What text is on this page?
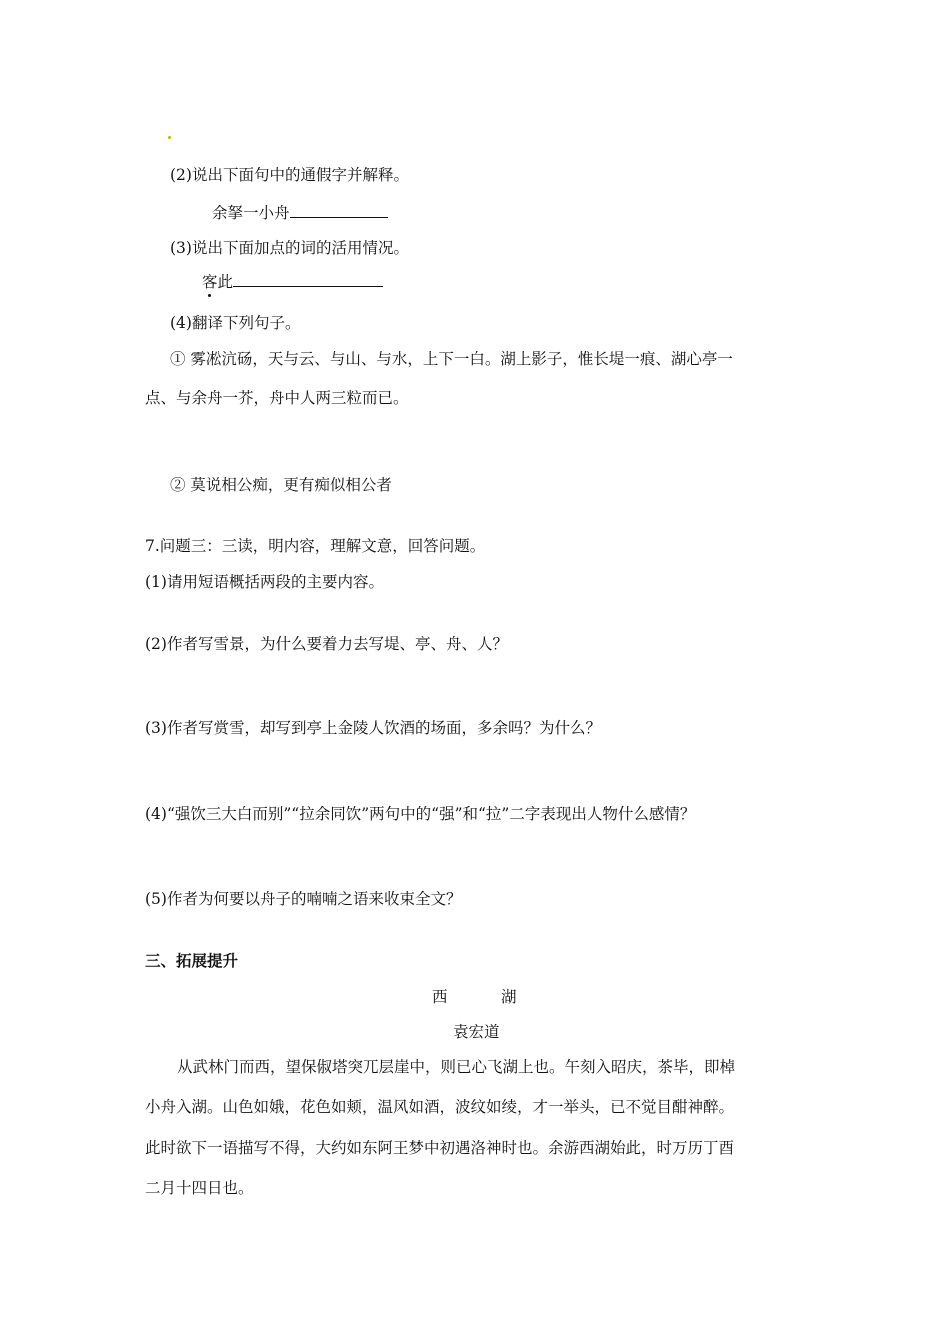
(2)说出下面句中的通假字并解释。
余拏一小舟
(3)说出下面加点的词的活用情况。
客此
(4)翻译下列句子。
① 雾凇沆砀，天与云、与山、与水，上下一白。湖上影子，惟长堤一痕、湖心亭一
点、与余舟一芥，舟中人两三粒而已。
② 莫说相公痴，更有痴似相公者
7.问题三：三读，明内容，理解文意，回答问题。
(1)请用短语概括两段的主要内容。
(2)作者写雪景，为什么要着力去写堤、亭、舟、人？
(3)作者写赏雪，却写到亭上金陵人饮酒的场面，多余吗？为什么？
(4)“强饮三大白而别”“拉余同饮”两句中的“强”和“拉”二字表现出人物什么感情？
(5)作者为何要以舟子的喃喃之语来收束全文？
三、拓展提升
西	湖
袁宏道
从武林门而西，望保俶塔突兀层崖中，则已心飞湖上也。午刻入昭庆，茶毕，即棹
小舟入湖。山色如娥，花色如颊，温风如酒，波纹如绫，才一举头，已不觉目酣神醉。
此时欲下一语描写不得，大约如东阿王梦中初遇洛神时也。余游西湖始此，时万历丁酉
二月十四日也。
